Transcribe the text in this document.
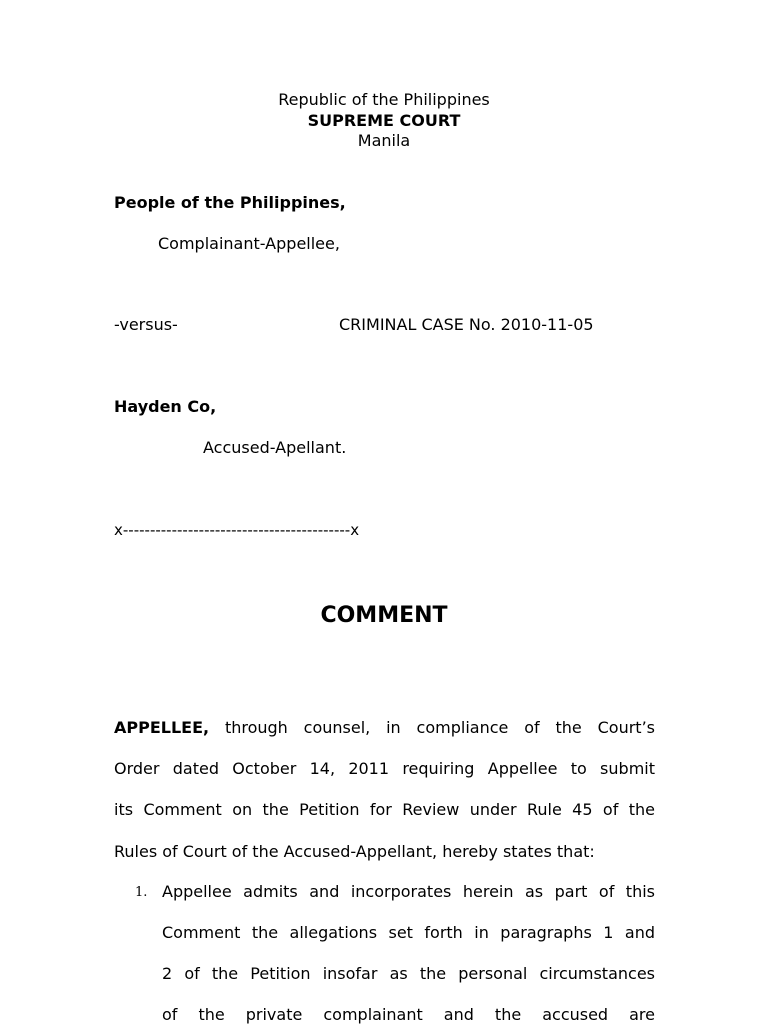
Republic of the Philippines
SUPREME COURT
Manila
People of the Philippines,
Complainant-Appellee,
-versus-	CRIMINAL CASE No. 2010-11-05
Hayden Co,
Accused-Apellant.
x------------------------------------------x
COMMENT
APPELLEE, through counsel, in compliance of the Court’s
Order dated October 14, 2011 requiring Appellee to submit
its Comment on the Petition for Review under Rule 45 of the
Rules of Court of the Accused-Appellant, hereby states that:
1. Appellee admits and incorporates herein as part of this
Comment the allegations set forth in paragraphs 1 and
2 of the Petition insofar as the personal circumstances
of the private complainant and the accused are
